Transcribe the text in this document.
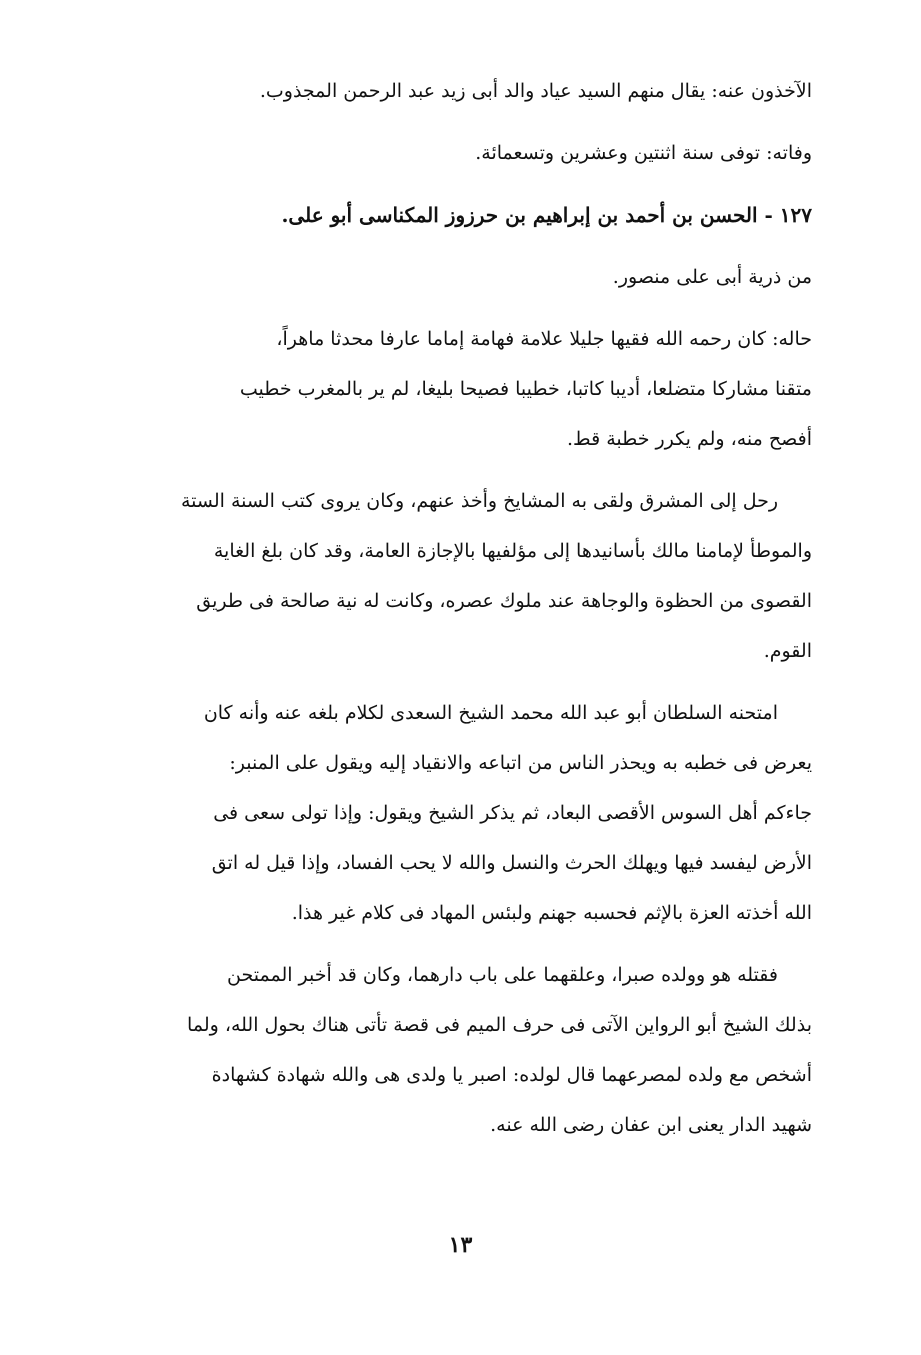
الآخذون عنه: يقال منهم السيد عياد والد أبى زيد عبد الرحمن المجذوب.

وفاته: توفى سنة اثنتين وعشرين وتسعمائة.

١٢٧ - الحسن بن أحمد بن إبراهيم بن حرزوز المكناسى أبو على.

من ذرية أبى على منصور.

حاله: كان رحمه الله فقيها جليلا علامة فهامة إماما عارفا محدثا ماهراً،

متقنا مشاركا متضلعا، أديبا كاتبا، خطيبا فصيحا بليغا، لم ير بالمغرب خطيب

أفصح منه، ولم يكرر خطبة قط.

رحل إلى المشرق ولقى به المشايخ وأخذ عنهم، وكان يروى كتب السنة الستة

والموطأ لإمامنا مالك بأسانيدها إلى مؤلفيها بالإجازة العامة، وقد كان بلغ الغاية

القصوى من الحظوة والوجاهة عند ملوك عصره، وكانت له نية صالحة فى طريق

القوم.

امتحنه السلطان أبو عبد الله محمد الشيخ السعدى لكلام بلغه عنه وأنه كان

يعرض فى خطبه به ويحذر الناس من اتباعه والانقياد إليه ويقول على المنبر:

جاءكم أهل السوس الأقصى البعاد، ثم يذكر الشيخ ويقول: وإذا تولى سعى فى

الأرض ليفسد فيها ويهلك الحرث والنسل والله لا يحب الفساد، وإذا قيل له اتق

الله أخذته العزة بالإثم فحسبه جهنم ولبئس المهاد فى كلام غير هذا.

فقتله هو وولده صبرا، وعلقهما على باب دارهما، وكان قد أخبر الممتحن

بذلك الشيخ أبو الرواين الآتى فى حرف الميم فى قصة تأتى هناك بحول الله، ولما

أشخص مع ولده لمصرعهما قال لولده: اصبر يا ولدى هى والله شهادة كشهادة

شهيد الدار يعنى ابن عفان رضى الله عنه.

١٣
